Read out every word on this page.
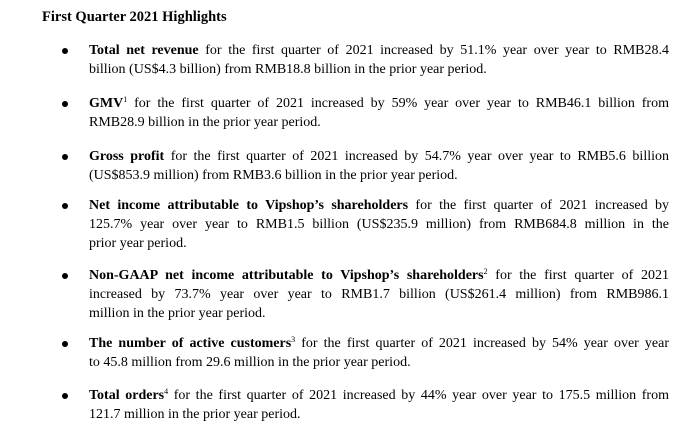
First Quarter 2021 Highlights
Total net revenue for the first quarter of 2021 increased by 51.1% year over year to RMB28.4
billion (US$4.3 billion) from RMB18.8 billion in the prior year period.
GMV$^1$ for the first quarter of 2021 increased by 59% year over year to RMB46.1 billion from
RMB28.9 billion in the prior year period.
Gross profit for the first quarter of 2021 increased by 54.7% year over year to RMB5.6 billion
(US$853.9 million) from RMB3.6 billion in the prior year period.
Net income attributable to Vipshop’s shareholders for the first quarter of 2021 increased by
125.7% year over year to RMB1.5 billion (US$235.9 million) from RMB684.8 million in the
prior year period.
Non-GAAP net income attributable to Vipshop’s shareholders$^2$ for the first quarter of 2021
increased by 73.7% year over year to RMB1.7 billion (US$261.4 million) from RMB986.1
million in the prior year period.
The number of active customers$^3$ for the first quarter of 2021 increased by 54% year over year
to 45.8 million from 29.6 million in the prior year period.
Total orders$^4$ for the first quarter of 2021 increased by 44% year over year to 175.5 million from
121.7 million in the prior year period.
